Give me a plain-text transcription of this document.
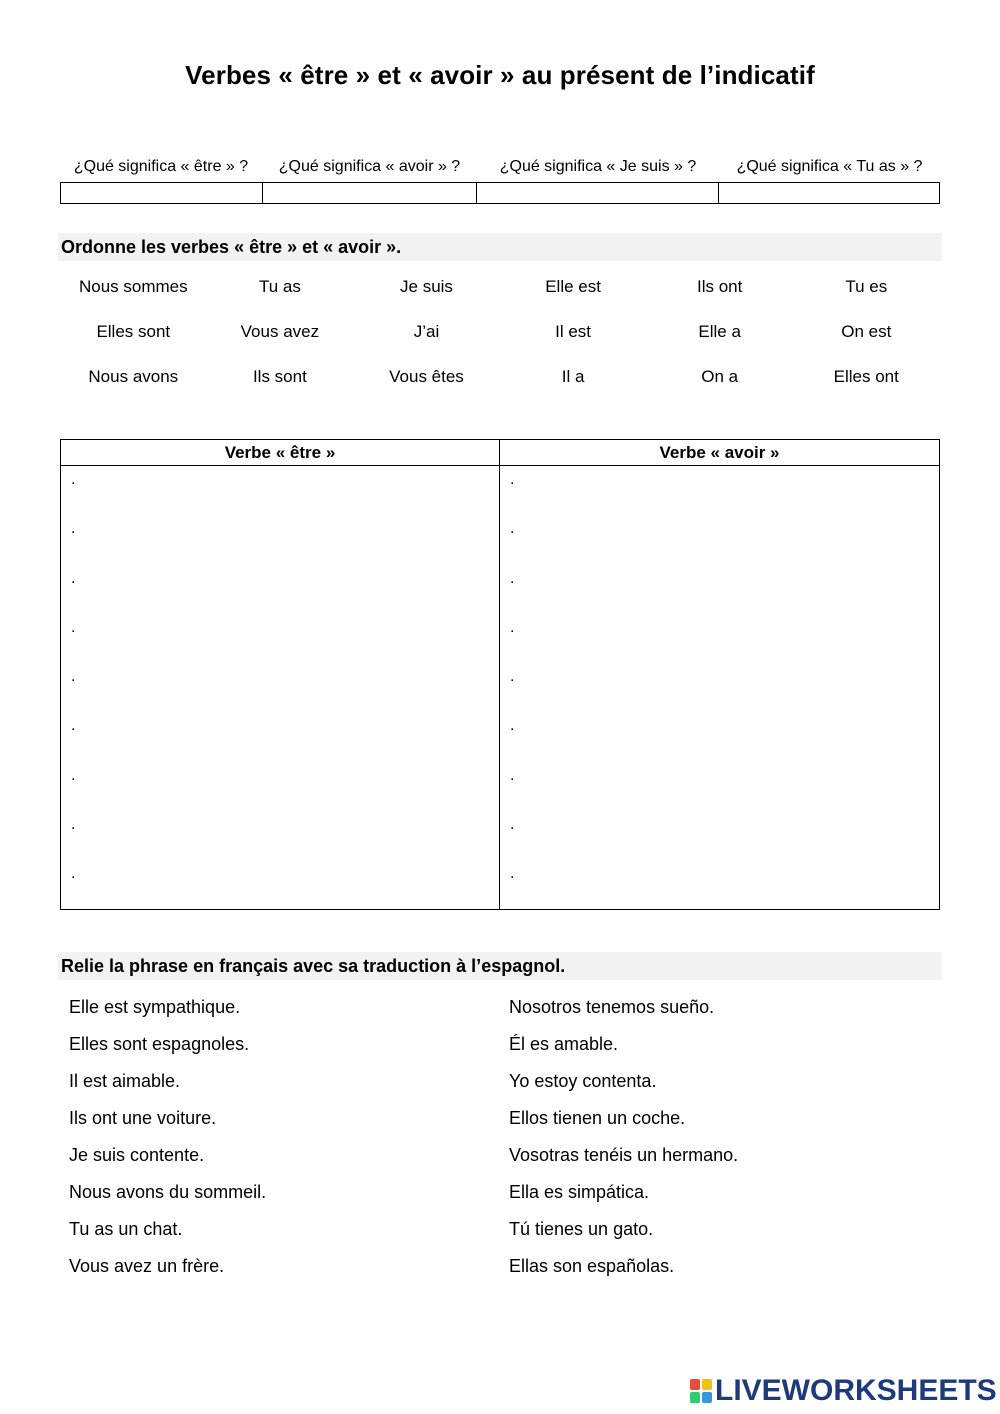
Verbes « être » et « avoir » au présent de l’indicatif
¿Qué significa « être » ?	¿Qué significa « avoir » ?	¿Qué significa « Je suis » ?	¿Qué significa « Tu as » ?
Ordonne les verbes « être » et « avoir ».
Nous sommes	Tu as	Je suis	Elle est	Ils ont	Tu es
Elles sont	Vous avez	J’ai	Il est	Elle a	On est
Nous avons	Ils sont	Vous êtes	Il a	On a	Elles ont
Verbe « être »
.
.
.
.
.
.
.
.
.
Verbe « avoir »
.
.
.
.
.
.
.
.
.
Relie la phrase en français avec sa traduction à l’espagnol.
Elle est sympathique.
Elles sont espagnoles.
Il est aimable.
Ils ont une voiture.
Je suis contente.
Nous avons du sommeil.
Tu as un chat.
Vous avez un frère.
Nosotros tenemos sueño.
Él es amable.
Yo estoy contenta.
Ellos tienen un coche.
Vosotras tenéis un hermano.
Ella es simpática.
Tú tienes un gato.
Ellas son españolas.
LIVEWORKSHEETS
